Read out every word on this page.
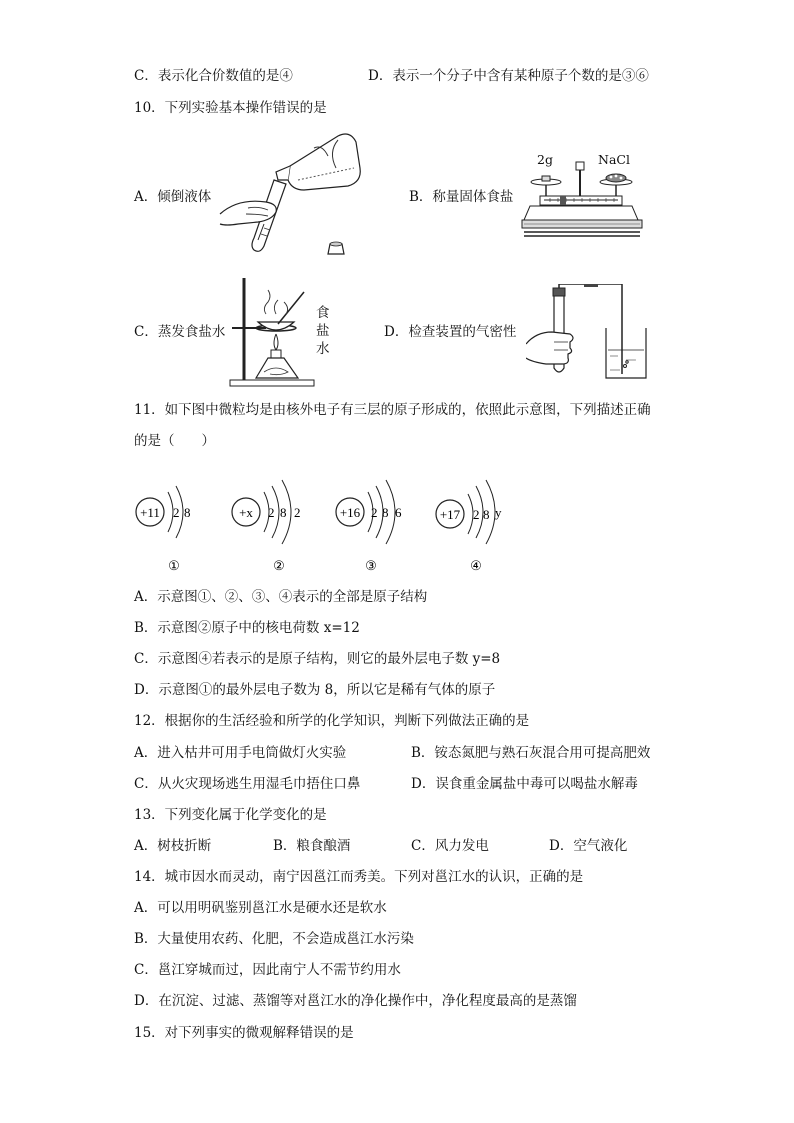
C．表示化合价数值的是④	D．表示一个分子中含有某种原子个数的是③⑥
10．下列实验基本操作错误的是
A．倾倒液体	B．称量固体食盐
C．蒸发食盐水	D．检查装置的气密性
2g	NaCl
食
盐
水
11．如下图中微粒均是由核外电子有三层的原子形成的，依照此示意图，下列描述正确
的是（　　）
+11 2 8
①
+x 2 8 2
②
+16 2 8 6
③
+17 2 8 y
④
A．示意图①、②、③、④表示的全部是原子结构
B．示意图②原子中的核电荷数 x=12
C．示意图④若表示的是原子结构，则它的最外层电子数 y=8
D．示意图①的最外层电子数为 8，所以它是稀有气体的原子
12．根据你的生活经验和所学的化学知识，判断下列做法正确的是
A．进入枯井可用手电筒做灯火实验	B．铵态氮肥与熟石灰混合用可提高肥效
C．从火灾现场逃生用湿毛巾捂住口鼻	D．误食重金属盐中毒可以喝盐水解毒
13．下列变化属于化学变化的是
A．树枝折断	B．粮食酿酒	C．风力发电	D．空气液化
14．城市因水而灵动，南宁因邕江而秀美。下列对邕江水的认识，正确的是
A．可以用明矾鉴别邕江水是硬水还是软水
B．大量使用农药、化肥，不会造成邕江水污染
C．邕江穿城而过，因此南宁人不需节约用水
D．在沉淀、过滤、蒸馏等对邕江水的净化操作中，净化程度最高的是蒸馏
15．对下列事实的微观解释错误的是
